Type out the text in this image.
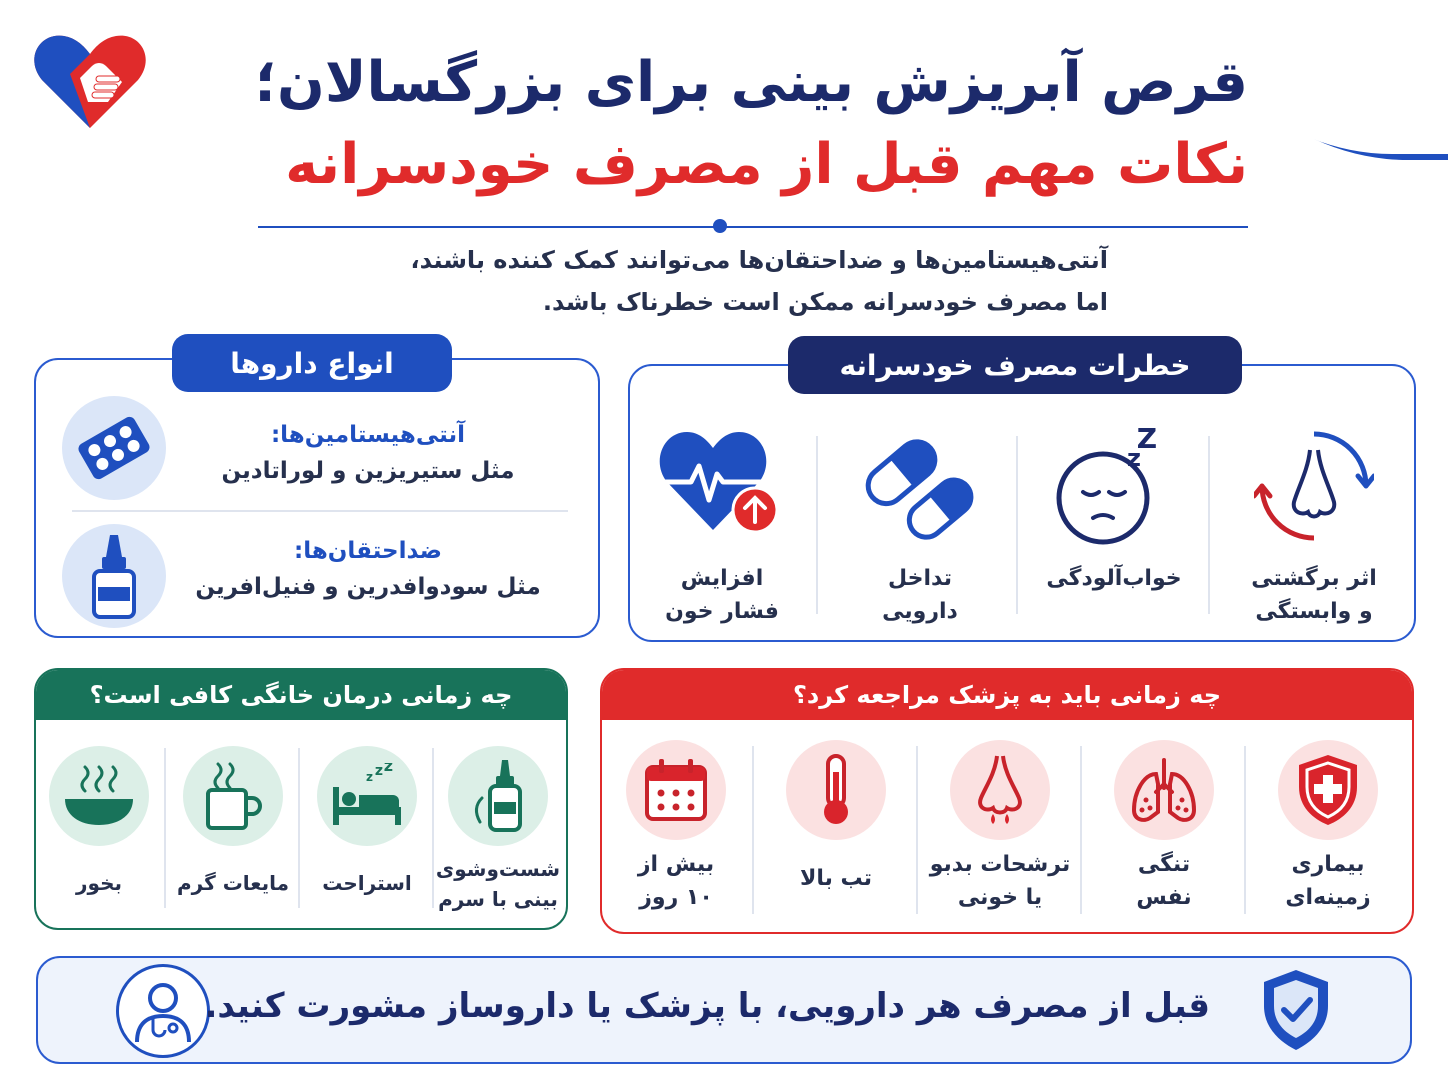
قرص آبریزش بینی برای بزرگسالان؛
نکات مهم قبل از مصرف خودسرانه
آنتی‌هیستامین‌ها و ضداحتقان‌ها می‌توانند کمک کننده باشند،
اما مصرف خودسرانه ممکن است خطرناک باشد.
اثر برگشتی
و وابستگی
z
Z
خواب‌آلودگی
تداخل
دارویی
افزایش
فشار خون
خطرات مصرف خودسرانه
آنتی‌هیستامین‌ها:
مثل ستیریزین و لوراتادین
ضداحتقان‌ها:
مثل سودوافدرین و فنیل‌افرین
انواع داروها
چه زمانی باید به پزشک مراجعه کرد؟
بیماری
زمینه‌ای
تنگی
نفس
ترشحات بدبو
یا خونی
تب بالا
بیش از
۱۰ روز
چه زمانی درمان خانگی کافی است؟
شست‌وشوی
بینی با سرم
z z z
استراحت
مایعات گرم
بخور
قبل از مصرف هر دارویی، با پزشک یا داروساز مشورت کنید.
